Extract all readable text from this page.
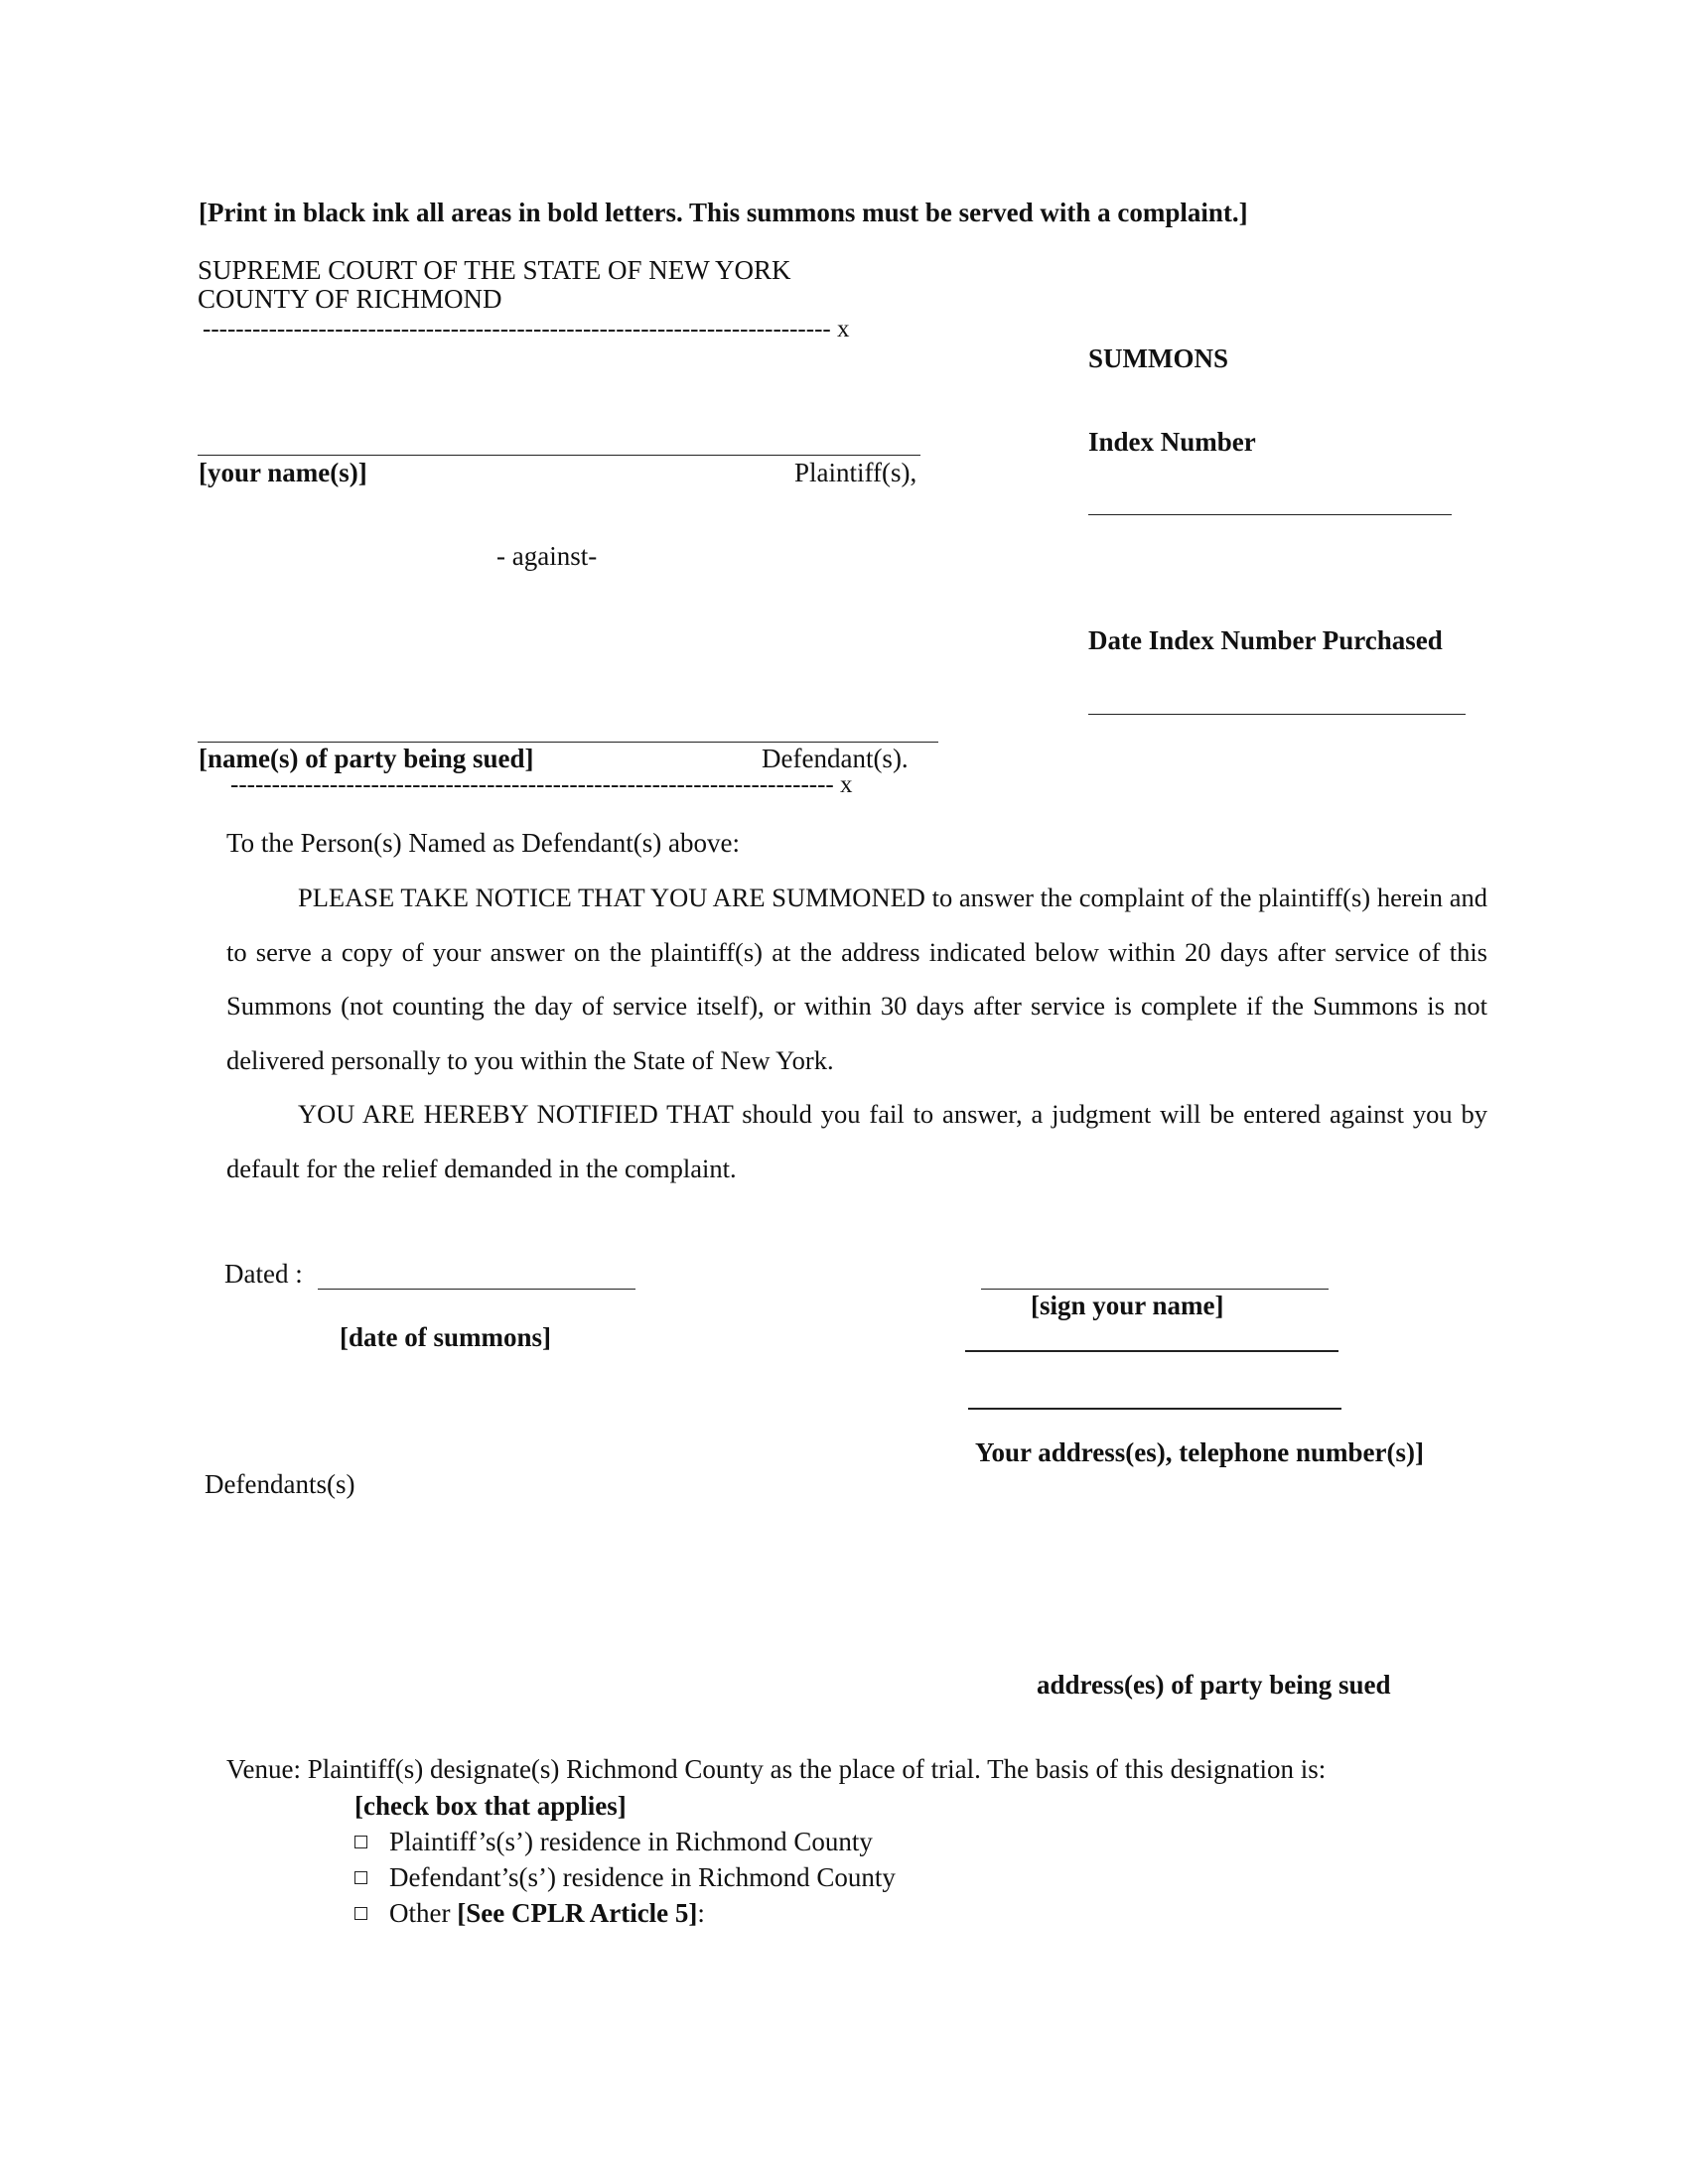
[Print in black ink all areas in bold letters. This summons must be served with a complaint.]
SUPREME COURT OF THE STATE OF NEW YORK
COUNTY OF RICHMOND
---------------------------------------------------------------------------- x
SUMMONS
Index Number
Date Index Number Purchased
[your name(s)]	Plaintiff(s),
- against-
[name(s) of party being sued]	Defendant(s).
------------------------------------------------------------------------- x
To the Person(s) Named as Defendant(s) above:
PLEASE TAKE NOTICE THAT YOU ARE SUMMONED to answer the complaint of the plaintiff(s) herein and to serve a copy of your answer on the plaintiff(s) at the address indicated below within 20 days after service of this Summons (not counting the day of service itself), or within 30 days after service is complete if the Summons is not delivered personally to you within the State of New York.
YOU ARE HEREBY NOTIFIED THAT should you fail to answer, a judgment will be entered against you by default for the relief demanded in the complaint.
Dated :
[date of summons]
[sign your name]
Your address(es), telephone number(s)]
Defendants(s)
address(es) of party being sued
Venue: Plaintiff(s) designate(s) Richmond County as the place of trial. The basis of this designation is:
[check box that applies]
Plaintiff’s(s’) residence in Richmond County
Defendant’s(s’) residence in Richmond County
Other [See CPLR Article 5]:
